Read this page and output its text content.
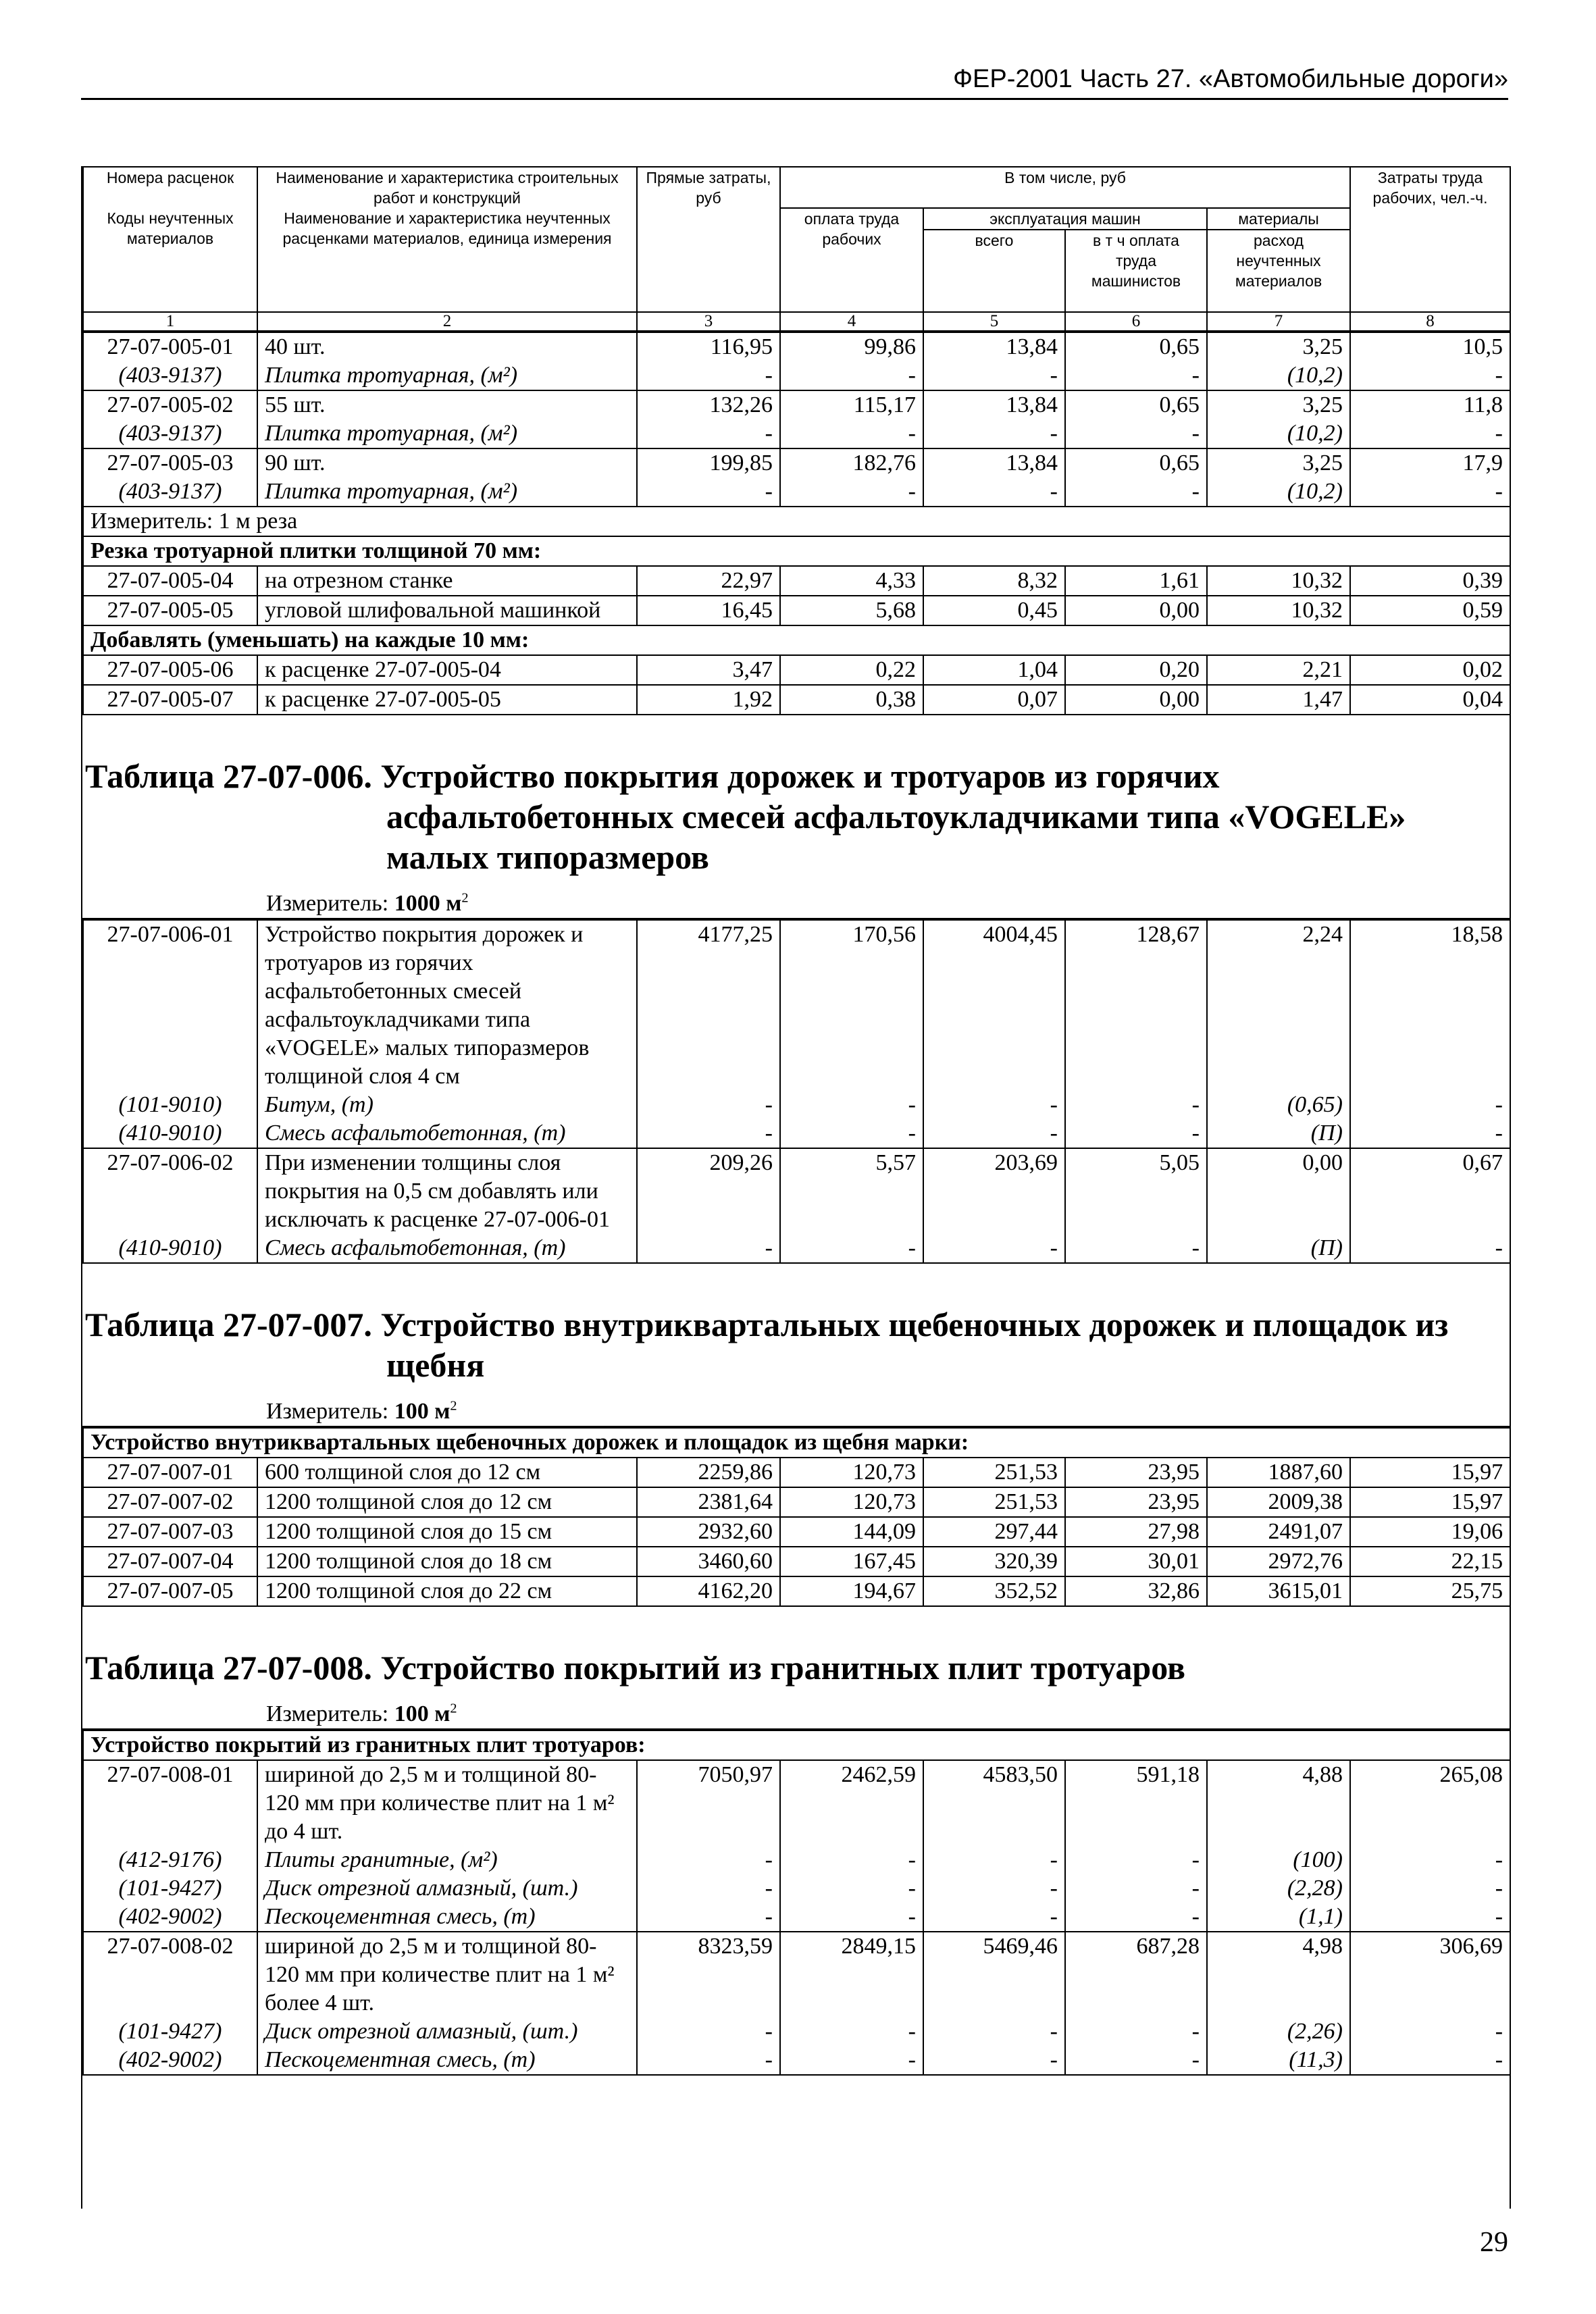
ФЕР-2001 Часть 27. «Автомобильные дороги»
Номера расценок	Наименование и характеристика строительных работ и конструкций	Прямые затраты, руб	В том числе, руб				Затраты труда рабочих, чел.-ч.
Коды неучтенных материалов	Наименование и характеристика неучтенных расценками материалов, единица измерения		оплата труда рабочих	эксплуатация машин		материалы	
				всего	в т ч оплата труда машинистов	расход неучтенных материалов	
1	2	3	4	5	6	7	8
27-07-005-01	40 шт.	116,95	99,86	13,84	0,65	3,25	10,5
(403-9137)	Плитка тротуарная, (м²)	-	-	-	-	(10,2)	-
27-07-005-02	55 шт.	132,26	115,17	13,84	0,65	3,25	11,8
(403-9137)	Плитка тротуарная, (м²)	-	-	-	-	(10,2)	-
27-07-005-03	90 шт.	199,85	182,76	13,84	0,65	3,25	17,9
(403-9137)	Плитка тротуарная, (м²)	-	-	-	-	(10,2)	-
Измеритель: 1 м реза							
Резка тротуарной плитки толщиной 70 мм:							
27-07-005-04	на отрезном станке	22,97	4,33	8,32	1,61	10,32	0,39
27-07-005-05	угловой шлифовальной машинкой	16,45	5,68	0,45	0,00	10,32	0,59
Добавлять (уменьшать) на каждые 10 мм:							
27-07-005-06	к расценке 27-07-005-04	3,47	0,22	1,04	0,20	2,21	0,02
27-07-005-07	к расценке 27-07-005-05	1,92	0,38	0,07	0,00	1,47	0,04
Таблица 27-07-006. Устройство покрытия дорожек и тротуаров из горячих
асфальтобетонных смесей асфальтоукладчиками типа «VOGELE» малых типоразмеров
Измеритель: 1000 $м^2$
27-07-006-01	Устройство покрытия дорожек и тротуаров из горячих асфальтобетонных смесей асфальтоукладчиками типа «VOGELE» малых типоразмеров толщиной слоя 4 см	4177,25	170,56	4004,45	128,67	2,24	18,58
(101-9010)	Битум, (т)	-	-	-	-	(0,65)	-
(410-9010)	Смесь асфальтобетонная, (т)	-	-	-	-	(П)	-
27-07-006-02	При изменении толщины слоя покрытия на 0,5 см добавлять или исключать к расценке 27-07-006-01	209,26	5,57	203,69	5,05	0,00	0,67
(410-9010)	Смесь асфальтобетонная, (т)	-	-	-	-	(П)	-
Таблица 27-07-007. Устройство внутриквартальных щебеночных дорожек и площадок из
щебня
Измеритель: 100 $м^2$
Устройство внутриквартальных щебеночных дорожек и площадок из щебня марки:							
27-07-007-01	600 толщиной слоя до 12 см	2259,86	120,73	251,53	23,95	1887,60	15,97
27-07-007-02	1200 толщиной слоя до 12 см	2381,64	120,73	251,53	23,95	2009,38	15,97
27-07-007-03	1200 толщиной слоя до 15 см	2932,60	144,09	297,44	27,98	2491,07	19,06
27-07-007-04	1200 толщиной слоя до 18 см	3460,60	167,45	320,39	30,01	2972,76	22,15
27-07-007-05	1200 толщиной слоя до 22 см	4162,20	194,67	352,52	32,86	3615,01	25,75
Таблица 27-07-008. Устройство покрытий из гранитных плит тротуаров
Измеритель: 100 $м^2$
Устройство покрытий из гранитных плит тротуаров:							
27-07-008-01	шириной до 2,5 м и толщиной 80-120 мм при количестве плит на 1 м² до 4 шт.	7050,97	2462,59	4583,50	591,18	4,88	265,08
(412-9176)	Плиты гранитные, (м²)	-	-	-	-	(100)	-
(101-9427)	Диск отрезной алмазный, (шт.)	-	-	-	-	(2,28)	-
(402-9002)	Пескоцементная смесь, (т)	-	-	-	-	(1,1)	-
27-07-008-02	шириной до 2,5 м и толщиной 80-120 мм при количестве плит на 1 м² более 4 шт.	8323,59	2849,15	5469,46	687,28	4,98	306,69
(101-9427)	Диск отрезной алмазный, (шт.)	-	-	-	-	(2,26)	-
(402-9002)	Пескоцементная смесь, (т)	-	-	-	-	(11,3)	-
29
